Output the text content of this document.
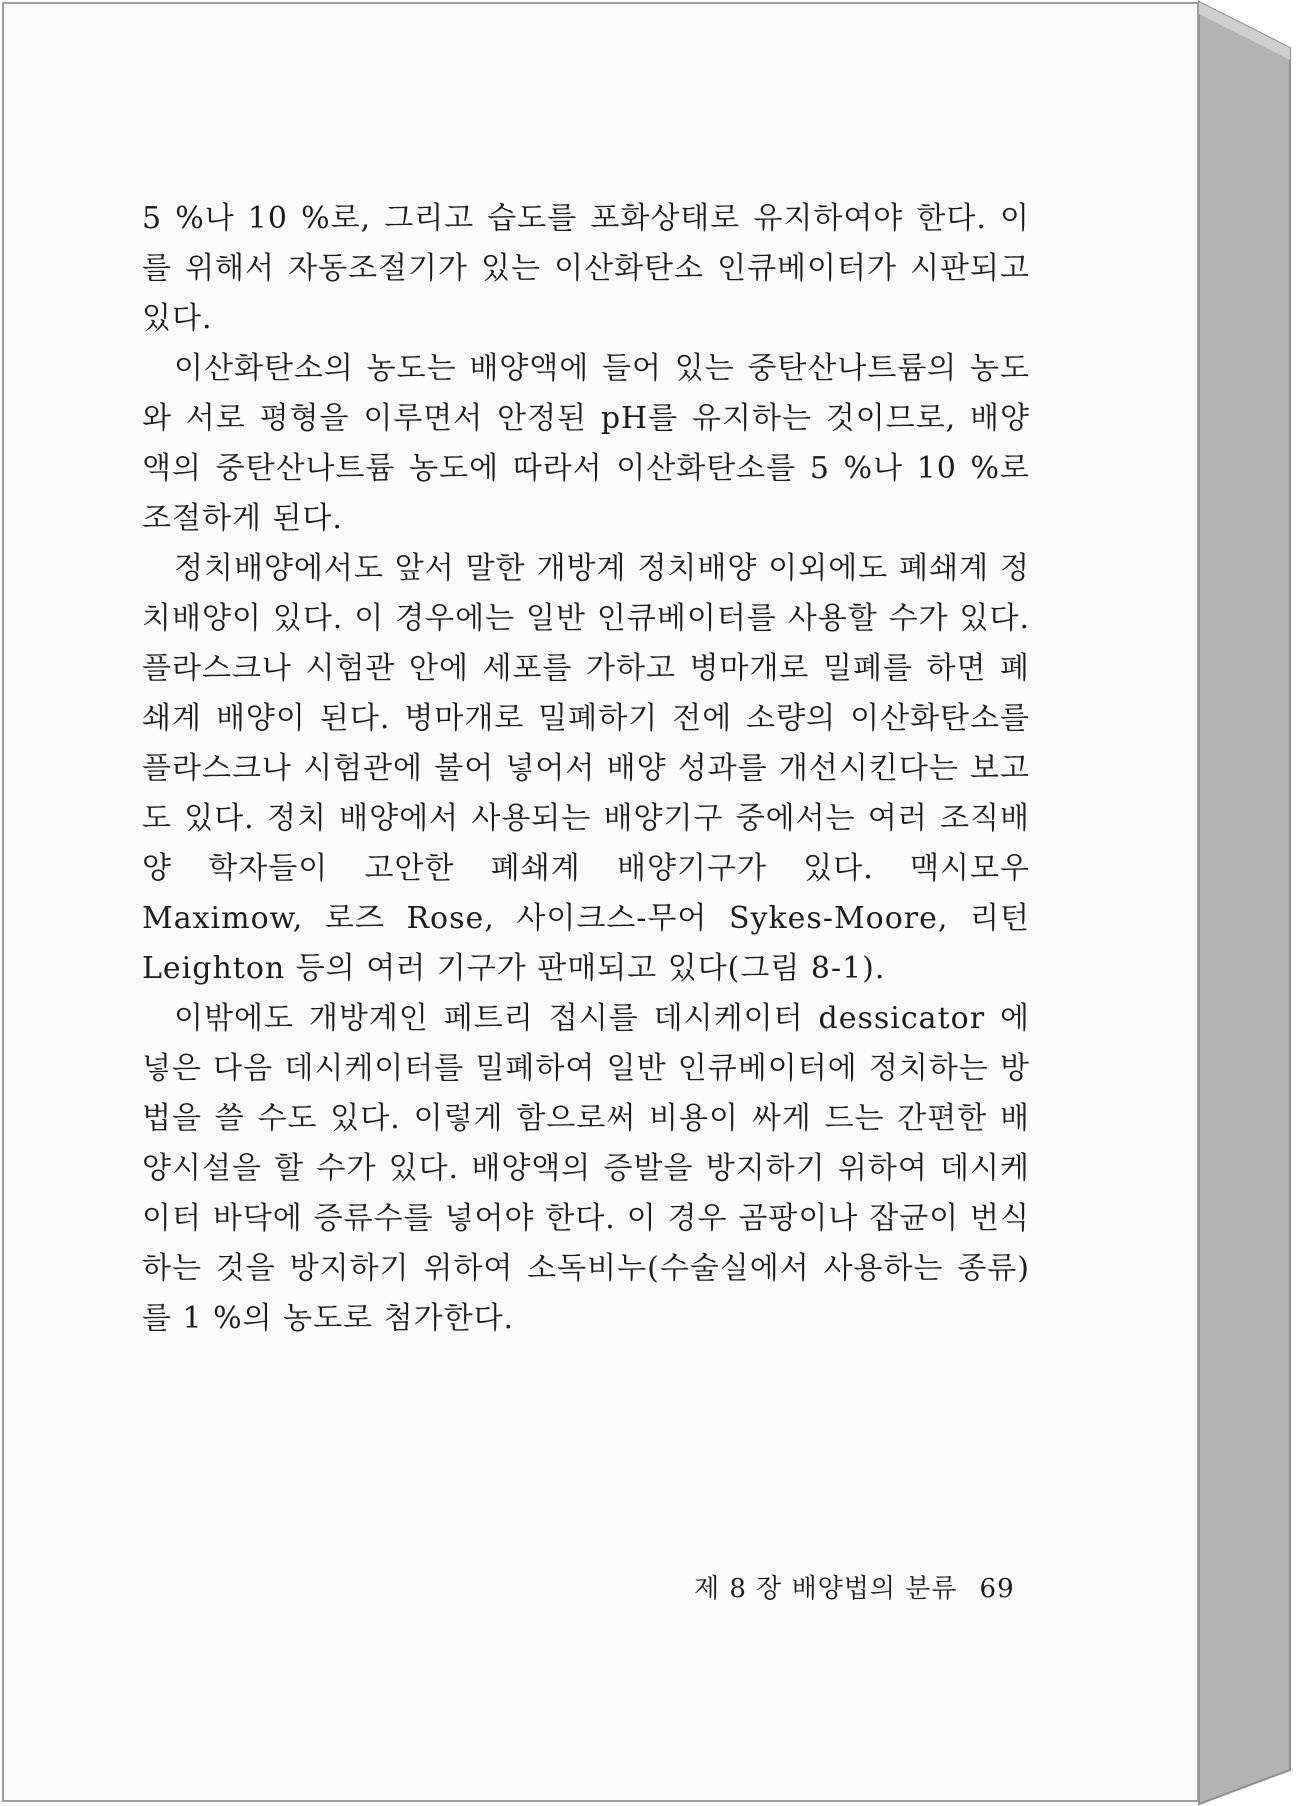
5 %나 10 %로, 그리고 습도를 포화상태로 유지하여야 한다. 이를 위해서 자동조절기가 있는 이산화탄소 인큐베이터가 시판되고 있다.

이산화탄소의 농도는 배양액에 들어 있는 중탄산나트륨의 농도와 서로 평형을 이루면서 안정된 pH를 유지하는 것이므로, 배양액의 중탄산나트륨 농도에 따라서 이산화탄소를 5 %나 10 %로 조절하게 된다.

정치배양에서도 앞서 말한 개방계 정치배양 이외에도 폐쇄계 정치배양이 있다. 이 경우에는 일반 인큐베이터를 사용할 수가 있다. 플라스크나 시험관 안에 세포를 가하고 병마개로 밀폐를 하면 폐쇄계 배양이 된다. 병마개로 밀폐하기 전에 소량의 이산화탄소를 플라스크나 시험관에 불어 넣어서 배양 성과를 개선시킨다는 보고도 있다. 정치 배양에서 사용되는 배양기구 중에서는 여러 조직배양 학자들이 고안한 폐쇄계 배양기구가 있다. 맥시모우 Maximow, 로즈 Rose, 사이크스-무어 Sykes-Moore, 리턴 Leighton 등의 여러 기구가 판매되고 있다(그림 8-1).

이밖에도 개방계인 페트리 접시를 데시케이터 dessicator 에 넣은 다음 데시케이터를 밀폐하여 일반 인큐베이터에 정치하는 방법을 쓸 수도 있다. 이렇게 함으로써 비용이 싸게 드는 간편한 배양시설을 할 수가 있다. 배양액의 증발을 방지하기 위하여 데시케이터 바닥에 증류수를 넣어야 한다. 이 경우 곰팡이나 잡균이 번식하는 것을 방지하기 위하여 소독비누(수술실에서 사용하는 종류)를 1 %의 농도로 첨가한다.

제 8 장 배양법의 분류 69
